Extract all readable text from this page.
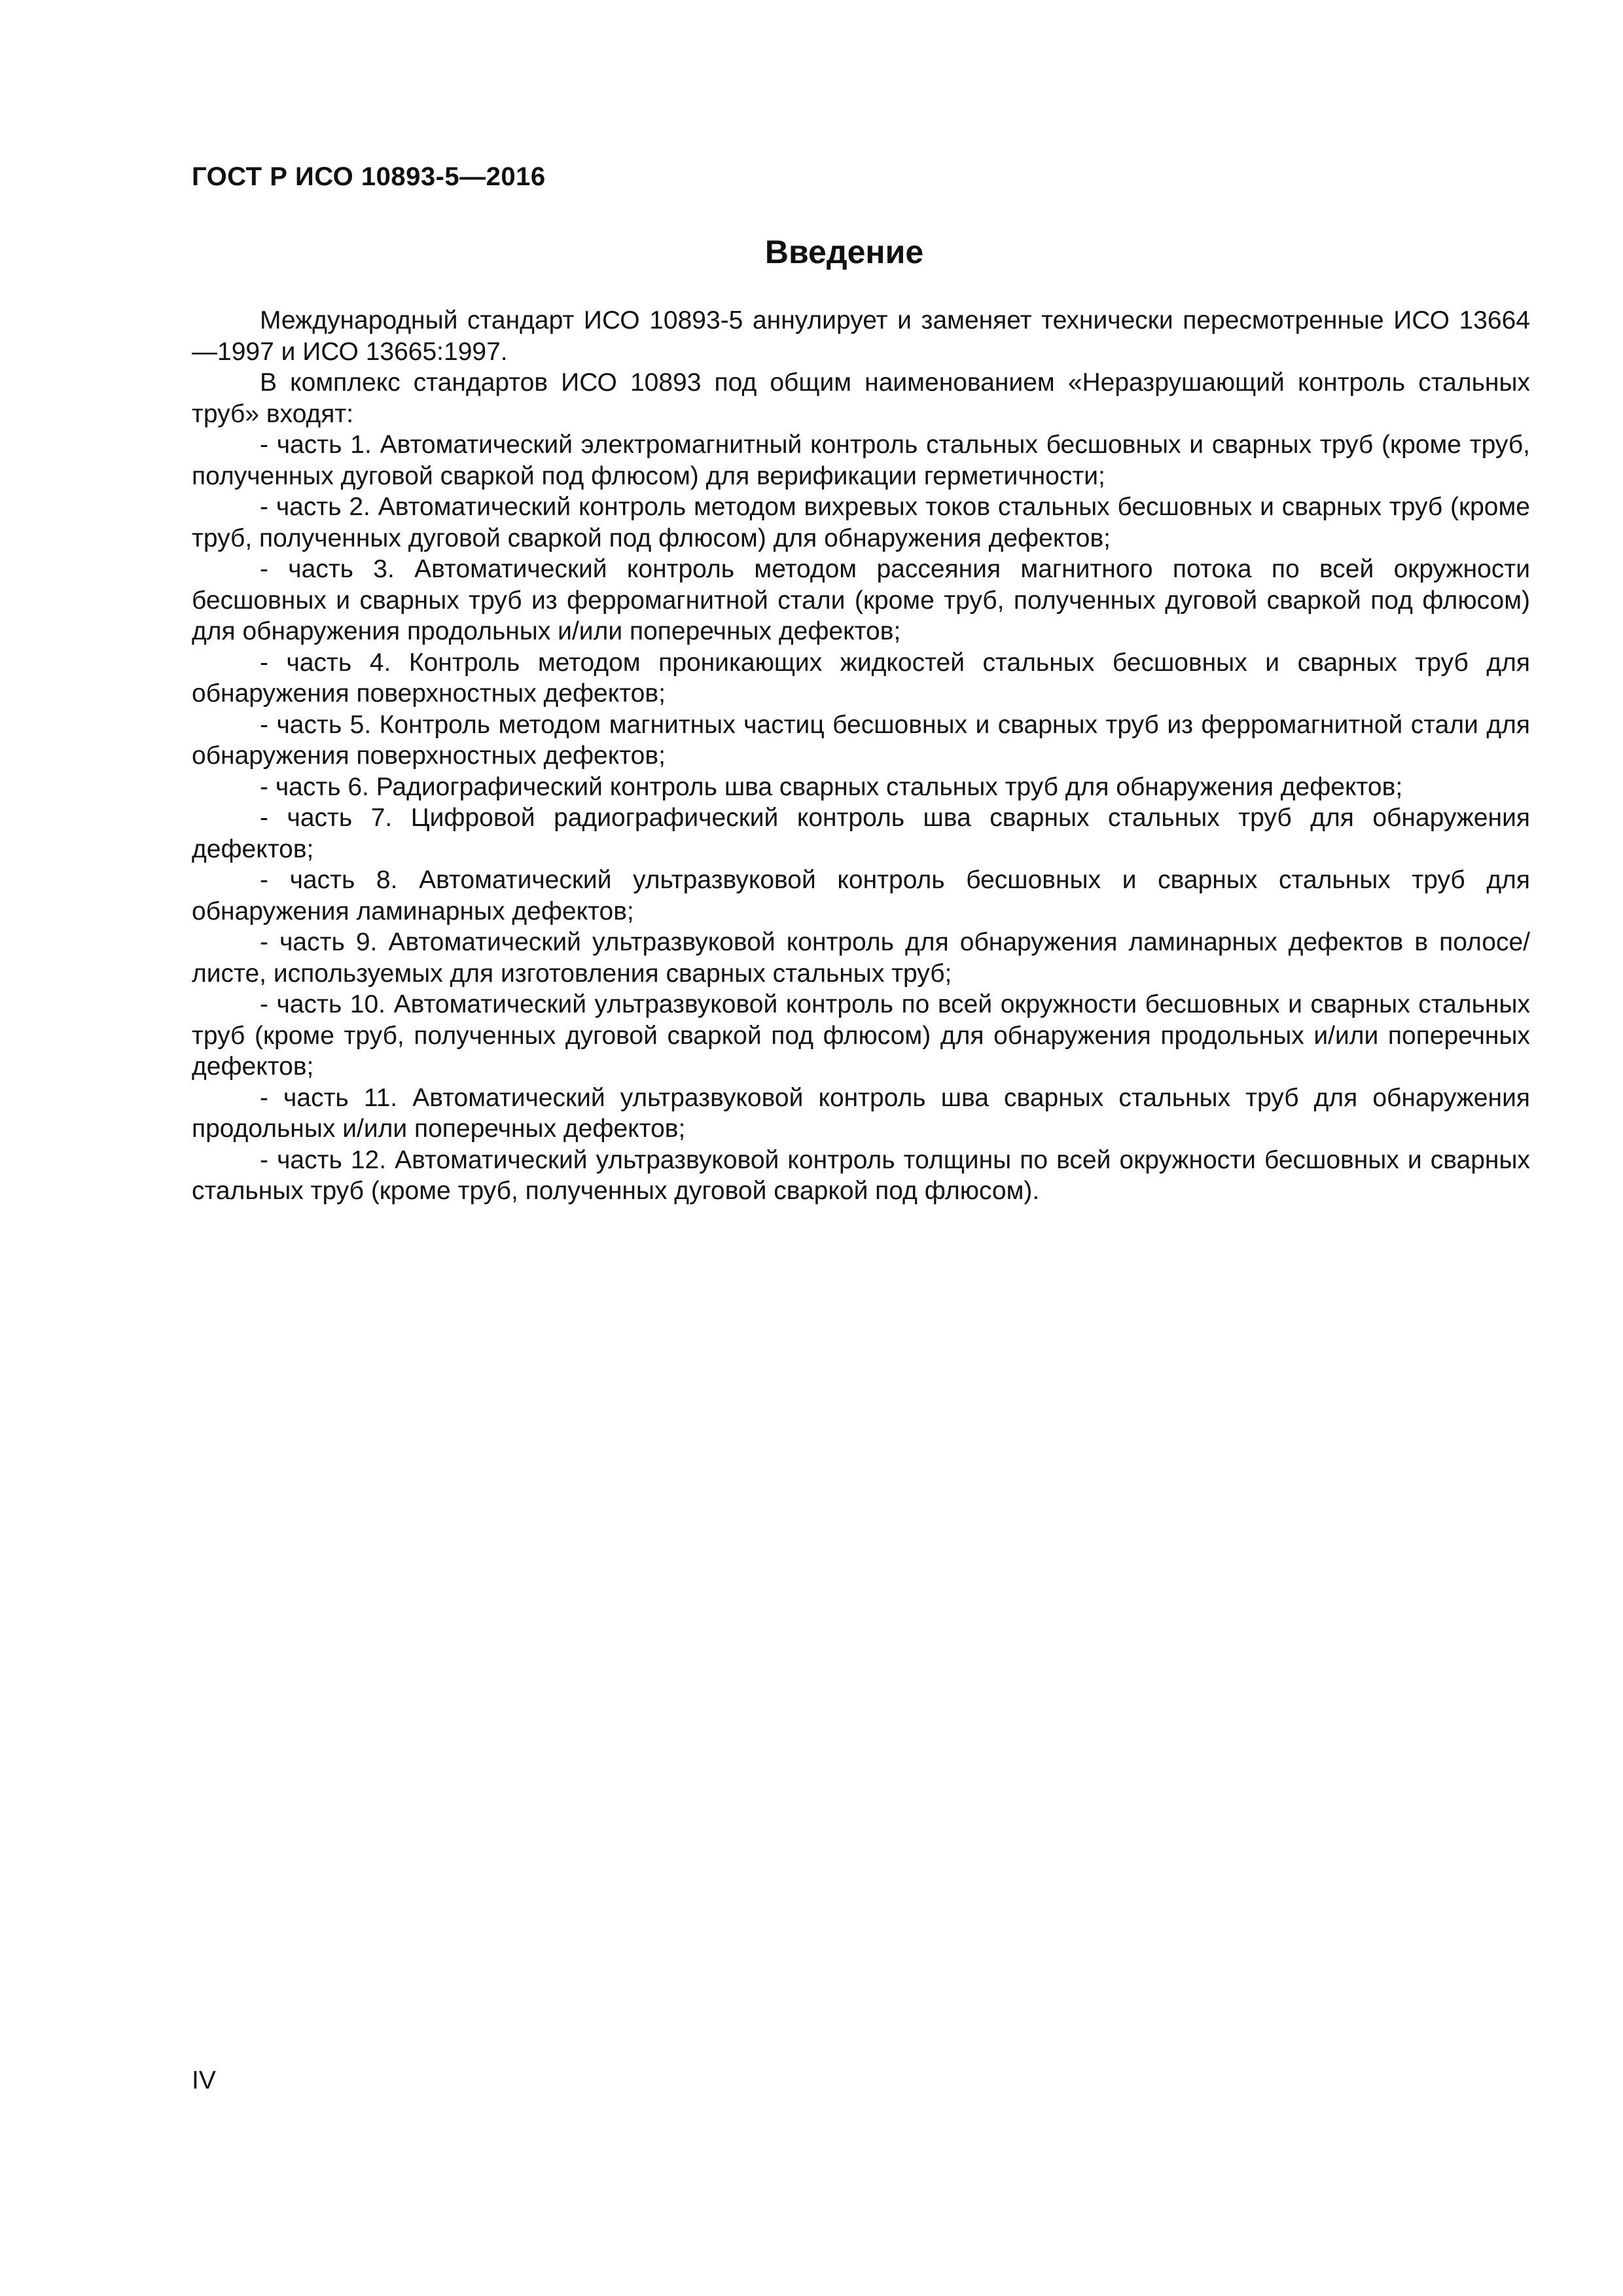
ГОСТ Р ИСО 10893-5—2016
Введение

Международный стандарт ИСО 10893-5 аннулирует и заменяет технически пересмотренные ИСО 13664—1997 и ИСО 13665:1997.

В комплекс стандартов ИСО 10893 под общим наименованием «Неразрушающий контроль стальных труб» входят:

- часть 1. Автоматический электромагнитный контроль стальных бесшовных и сварных труб (кроме труб, полученных дуговой сваркой под флюсом) для верификации герметичности;

- часть 2. Автоматический контроль методом вихревых токов стальных бесшовных и сварных труб (кроме труб, полученных дуговой сваркой под флюсом) для обнаружения дефектов;

- часть 3. Автоматический контроль методом рассеяния магнитного потока по всей окружности бесшовных и сварных труб из ферромагнитной стали (кроме труб, полученных дуговой сваркой под флюсом) для обнаружения продольных и/или поперечных дефектов;

- часть 4. Контроль методом проникающих жидкостей стальных бесшовных и сварных труб для обнаружения поверхностных дефектов;

- часть 5. Контроль методом магнитных частиц бесшовных и сварных труб из ферромагнитной стали для обнаружения поверхностных дефектов;

- часть 6. Радиографический контроль шва сварных стальных труб для обнаружения дефектов;

- часть 7. Цифровой радиографический контроль шва сварных стальных труб для обнаружения дефектов;

- часть 8. Автоматический ультразвуковой контроль бесшовных и сварных стальных труб для обнаружения ламинарных дефектов;

- часть 9. Автоматический ультразвуковой контроль для обнаружения ламинарных дефектов в полосе/листе, используемых для изготовления сварных стальных труб;

- часть 10. Автоматический ультразвуковой контроль по всей окружности бесшовных и сварных стальных труб (кроме труб, полученных дуговой сваркой под флюсом) для обнаружения продольных и/или поперечных дефектов;

- часть 11. Автоматический ультразвуковой контроль шва сварных стальных труб для обнаружения продольных и/или поперечных дефектов;

- часть 12. Автоматический ультразвуковой контроль толщины по всей окружности бесшовных и сварных стальных труб (кроме труб, полученных дуговой сваркой под флюсом).

IV
